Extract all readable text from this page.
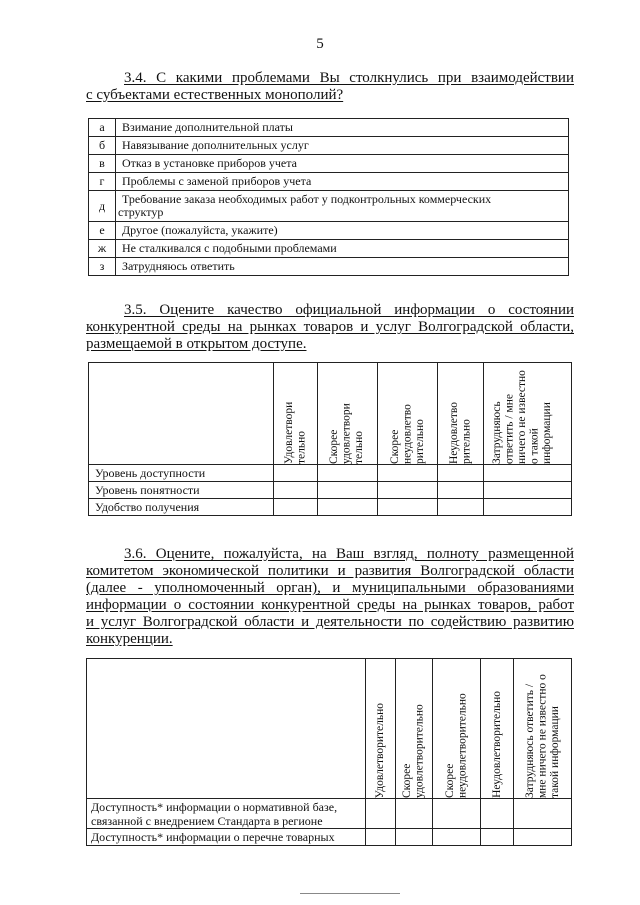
5
3.4. С какими проблемами Вы столкнулись при взаимодействии
с субъектами естественных монополий?
а	Взимание дополнительной платы
б	Навязывание дополнительных услуг
в	Отказ в установке приборов учета
г	Проблемы с заменой приборов учета
д	Требование заказа необходимых работ у подконтрольных коммерческих
структур

е	Другое (пожалуйста, укажите)
ж	Не сталкивался с подобными проблемами
з	Затрудняюсь ответить
3.5. Оцените качество официальной информации о состоянии
конкурентной среды на рынках товаров и услуг Волгоградской области,
размещаемой в открытом доступе.

	Удовлетвори тельно	Скорее удовлетвори тельно	Скорее неудовлетво рительно	Неудовлетво рительно	Затрудняюсь ответить / мне ничего не известно о такой информации

Уровень доступности					
Уровень понятности					
Удобство получения					
3.6. Оцените, пожалуйста, на Ваш взгляд, полноту размещенной
комитетом экономической политики и развития Волгоградской области
(далее - уполномоченный орган), и муниципальными образованиями
информации о состоянии конкурентной среды на рынках товаров, работ
и услуг Волгоградской области и деятельности по содействию развитию
конкуренции.

	Удовлетворительно	Скорее удовлетворительно	Скорее неудовлетворительно	Неудовлетворительно	Затрудняюсь ответить / мне ничего не известно о такой информации

Доступность* информации о нормативной базе,
связанной с внедрением Стандарта в регионе					

Доступность* информации о перечне товарных					
